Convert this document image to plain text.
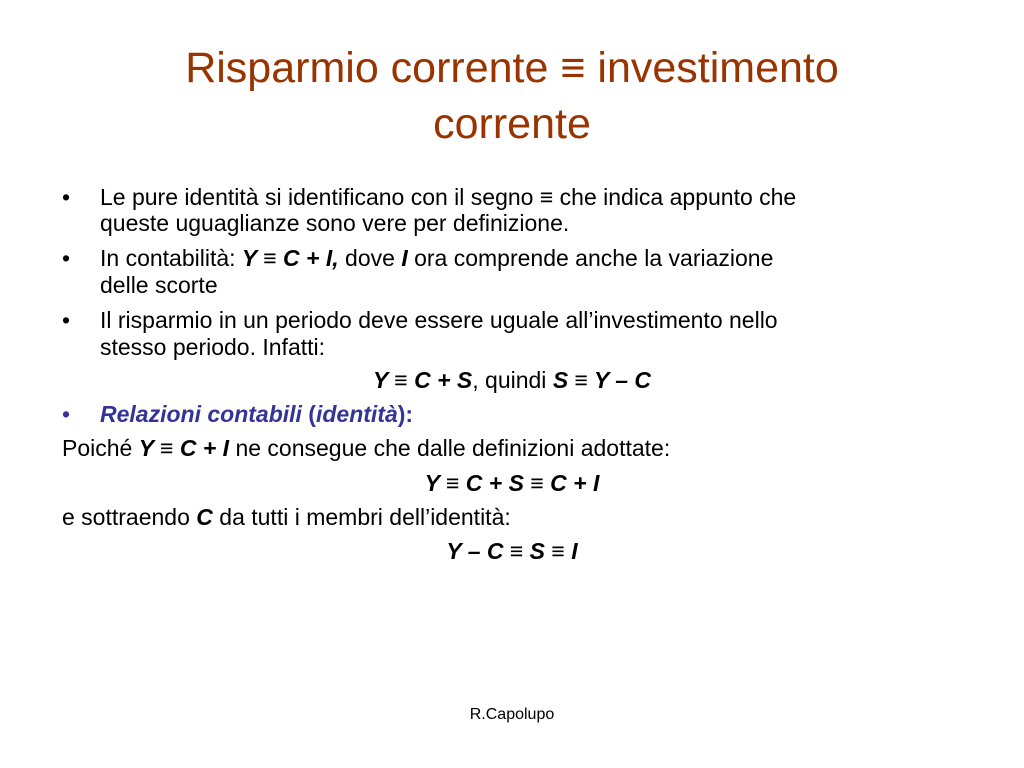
Risparmio corrente ≡ investimento
corrente
• Le pure identità si identificano con il segno ≡ che indica appunto che
queste uguaglianze sono vere per definizione.
• In contabilità: Y ≡ C + I, dove I ora comprende anche la variazione
delle scorte
• Il risparmio in un periodo deve essere uguale all’investimento nello
stesso periodo. Infatti:
Y ≡ C + S, quindi S ≡ Y – C
• Relazioni contabili (identità):
Poiché Y ≡ C + I ne consegue che dalle definizioni adottate:
Y ≡ C + S ≡ C + I
e sottraendo C da tutti i membri dell’identità:
Y – C ≡ S ≡ I
R.Capolupo
